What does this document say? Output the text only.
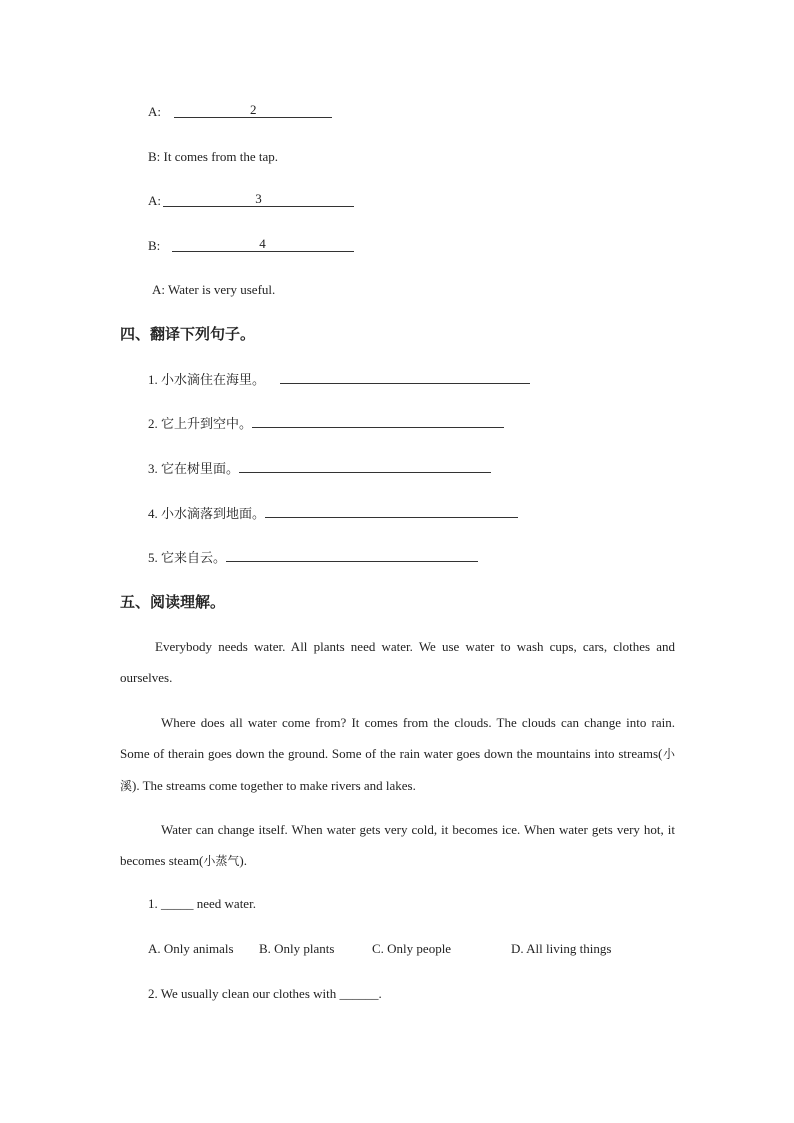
A:	2
B: It comes from the tap.
A:	3
B:	4
A: Water is very useful.
四、翻译下列句子。
1. 小水滴住在海里。
2. 它上升到空中。
3. 它在树里面。
4. 小水滴落到地面。
5. 它来自云。
五、阅读理解。
Everybody needs water. All plants need water. We use water to wash cups, cars, clothes and ourselves.
Where does all water come from? It comes from the clouds. The clouds can change into rain. Some of therain goes down the ground. Some of the rain water goes down the mountains into streams(小溪). The streams come together to make rivers and lakes.
Water can change itself. When water gets very cold, it becomes ice. When water gets very hot, it becomes steam(小蒸气).
1. _____ need water.
A. Only animals B. Only plants	C. Only people	D. All living things
2. We usually clean our clothes with ______.
